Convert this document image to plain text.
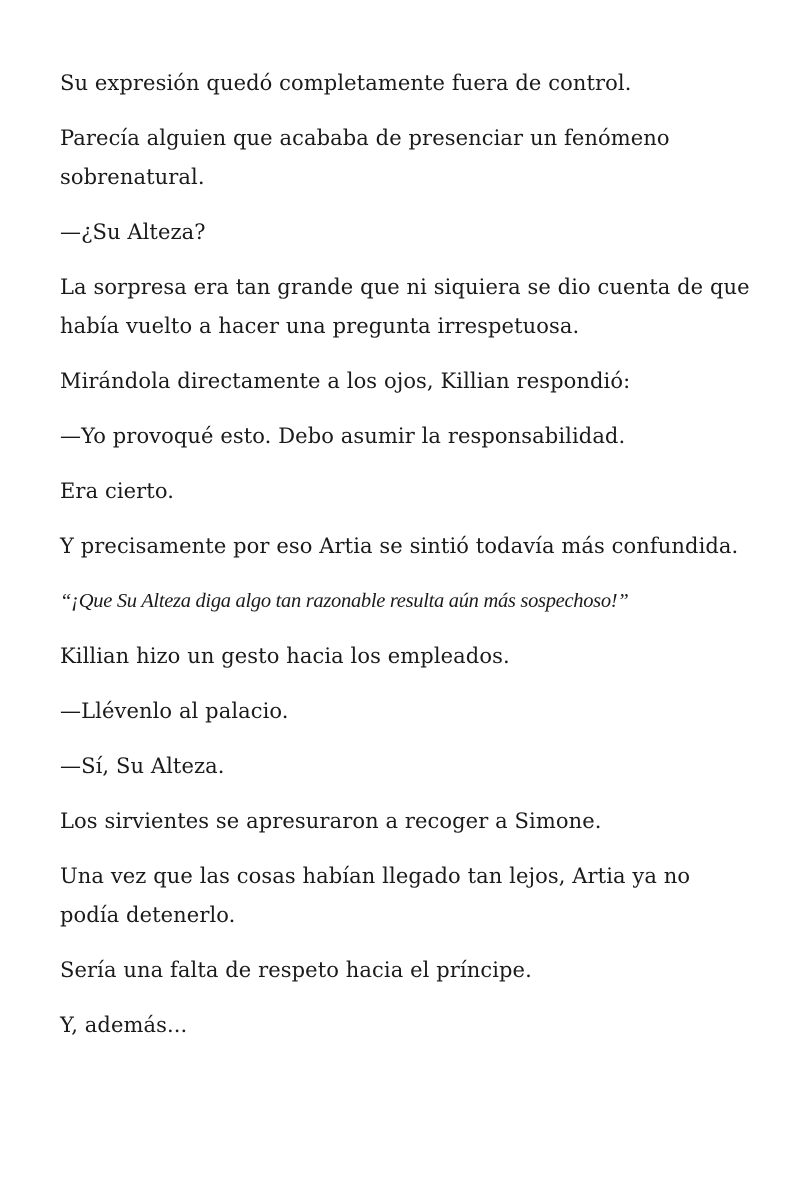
Su expresión quedó completamente fuera de control.

Parecía alguien que acababa de presenciar un fenómeno sobrenatural.

—¿Su Alteza?

La sorpresa era tan grande que ni siquiera se dio cuenta de que había vuelto a hacer una pregunta irrespetuosa.

Mirándola directamente a los ojos, Killian respondió:

—Yo provoqué esto. Debo asumir la responsabilidad.

Era cierto.

Y precisamente por eso Artia se sintió todavía más confundida.

“¡Que Su Alteza diga algo tan razonable resulta aún más sospechoso!”

Killian hizo un gesto hacia los empleados.

—Llévenlo al palacio.

—Sí, Su Alteza.

Los sirvientes se apresuraron a recoger a Simone.

Una vez que las cosas habían llegado tan lejos, Artia ya no podía detenerlo.

Sería una falta de respeto hacia el príncipe.

Y, además...
